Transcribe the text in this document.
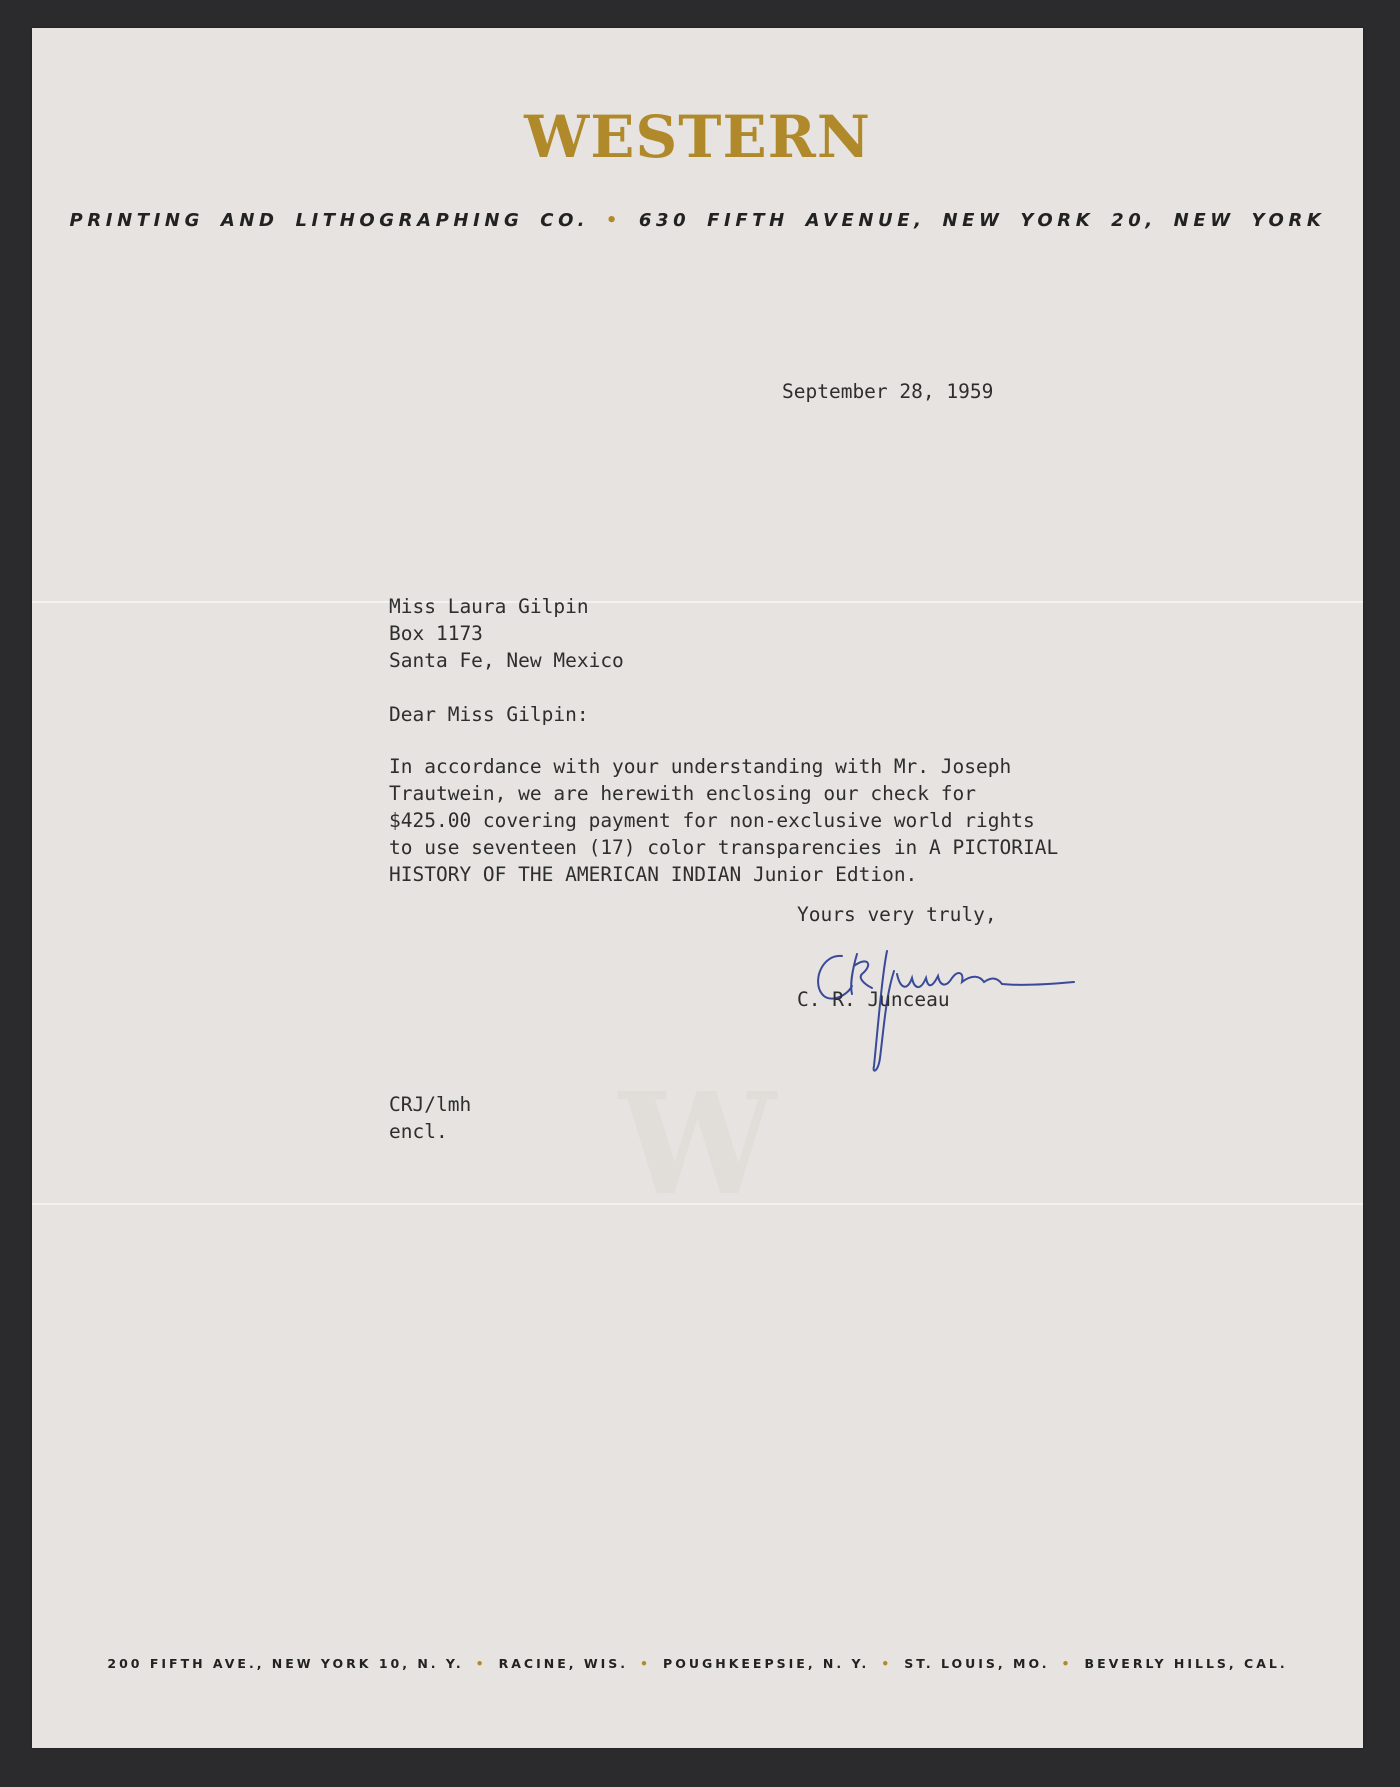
W
WESTERN
PRINTING AND LITHOGRAPHING CO. • 630 FIFTH AVENUE, NEW YORK 20, NEW YORK
September 28, 1959
Miss Laura Gilpin
Box 1173
Santa Fe, New Mexico
Dear Miss Gilpin:
In accordance with your understanding with Mr. Joseph
Trautwein, we are herewith enclosing our check for
$425.00 covering payment for non-exclusive world rights
to use seventeen (17) color transparencies in A PICTORIAL
HISTORY OF THE AMERICAN INDIAN Junior Edtion.
Yours very truly,
C. R. Junceau
CRJ/lmh
encl.
200 FIFTH AVE., NEW YORK 10, N. Y. • RACINE, WIS. • POUGHKEEPSIE, N. Y. • ST. LOUIS, MO. • BEVERLY HILLS, CAL.
